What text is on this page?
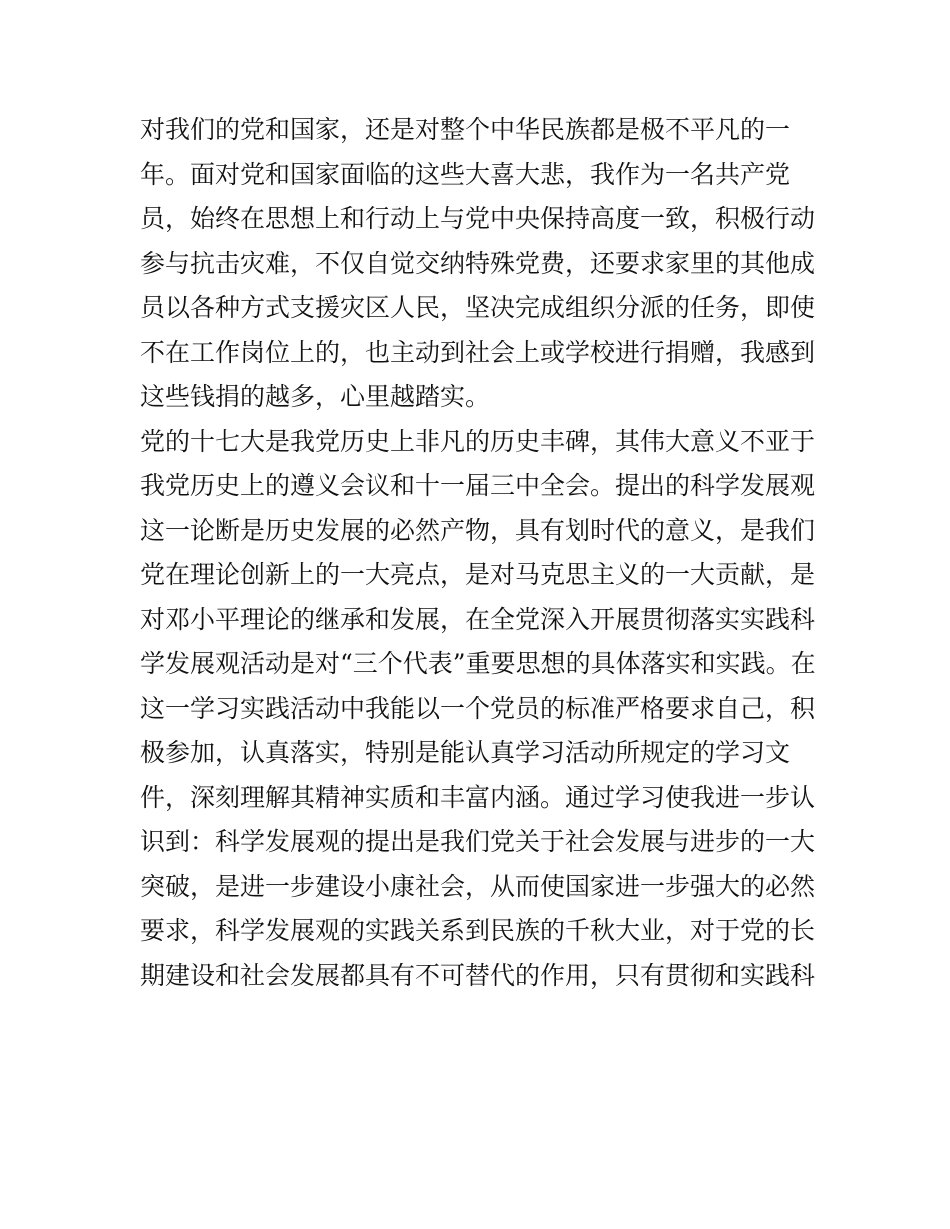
对我们的党和国家，还是对整个中华民族都是极不平凡的一
年。面对党和国家面临的这些大喜大悲，我作为一名共产党
员，始终在思想上和行动上与党中央保持高度一致，积极行动
参与抗击灾难，不仅自觉交纳特殊党费，还要求家里的其他成
员以各种方式支援灾区人民，坚决完成组织分派的任务，即使
不在工作岗位上的，也主动到社会上或学校进行捐赠，我感到
这些钱捐的越多，心里越踏实。
党的十七大是我党历史上非凡的历史丰碑，其伟大意义不亚于
我党历史上的遵义会议和十一届三中全会。提出的科学发展观
这一论断是历史发展的必然产物，具有划时代的意义，是我们
党在理论创新上的一大亮点，是对马克思主义的一大贡献，是
对邓小平理论的继承和发展，在全党深入开展贯彻落实实践科
学发展观活动是对“三个代表”重要思想的具体落实和实践。在
这一学习实践活动中我能以一个党员的标准严格要求自己，积
极参加，认真落实，特别是能认真学习活动所规定的学习文
件，深刻理解其精神实质和丰富内涵。通过学习使我进一步认
识到：科学发展观的提出是我们党关于社会发展与进步的一大
突破，是进一步建设小康社会，从而使国家进一步强大的必然
要求，科学发展观的实践关系到民族的千秋大业，对于党的长
期建设和社会发展都具有不可替代的作用，只有贯彻和实践科
